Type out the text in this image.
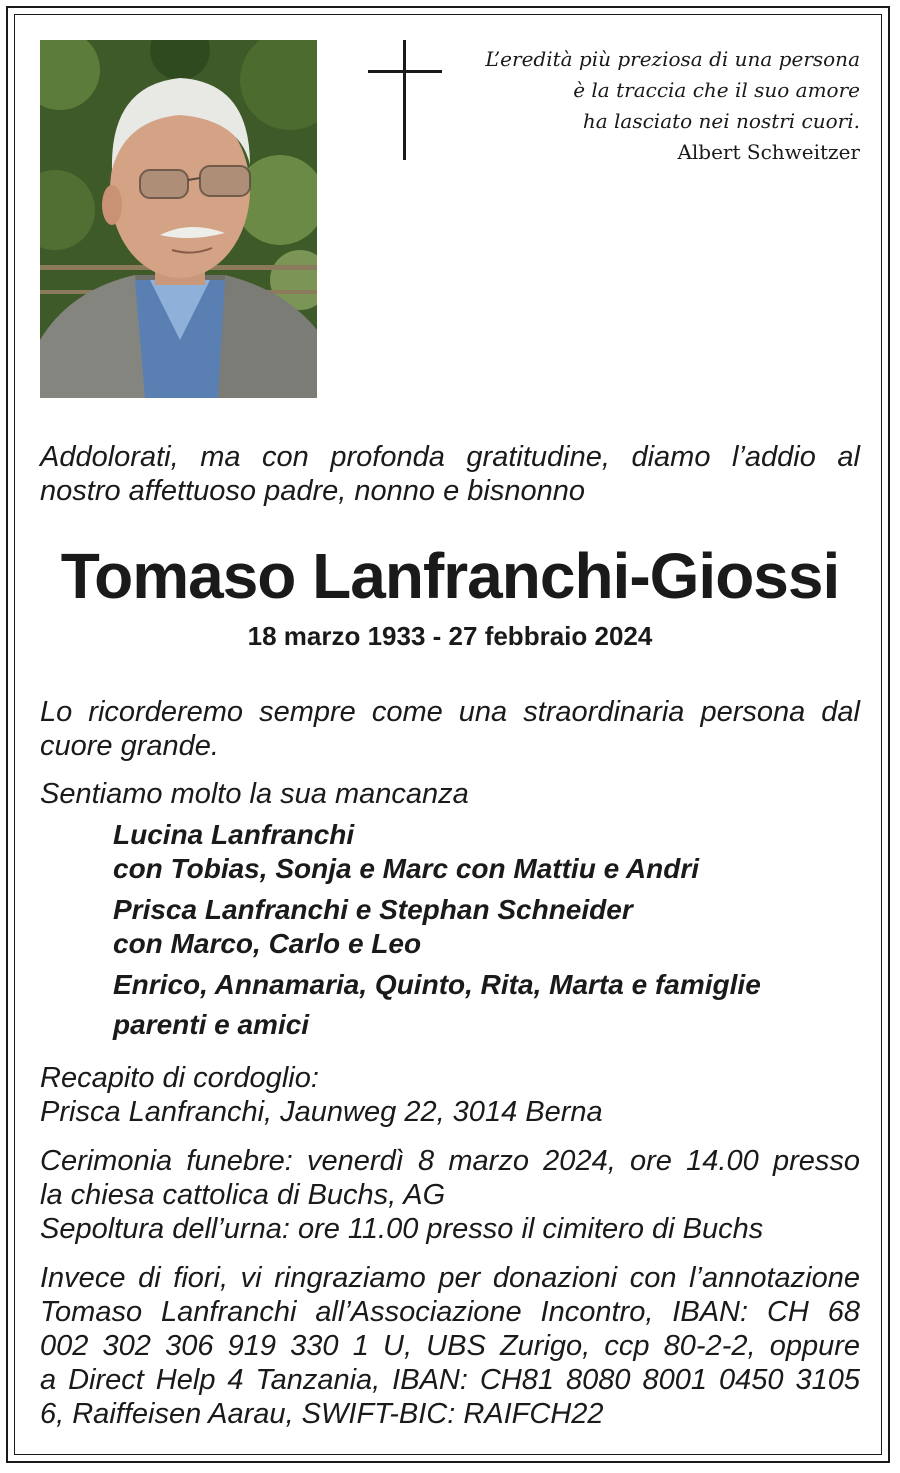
L’eredità più preziosa di una persona
è la traccia che il suo amore
ha lasciato nei nostri cuori.
Albert Schweitzer
Addolorati, ma con profonda gratitudine, diamo l’addio al
nostro affettuoso padre, nonno e bisnonno
Tomaso Lanfranchi-Giossi
18 marzo 1933 - 27 febbraio 2024
Lo ricorderemo sempre come una straordinaria persona dal
cuore grande.
Sentiamo molto la sua mancanza
Lucina Lanfranchi
con Tobias, Sonja e Marc con Mattiu e Andri
Prisca Lanfranchi e Stephan Schneider
con Marco, Carlo e Leo
Enrico, Annamaria, Quinto, Rita, Marta e famiglie
parenti e amici
Recapito di cordoglio:
Prisca Lanfranchi, Jaunweg 22, 3014 Berna
Cerimonia funebre: venerdì 8 marzo 2024, ore 14.00 presso
la chiesa cattolica di Buchs, AG
Sepoltura dell’urna: ore 11.00 presso il cimitero di Buchs
Invece di fiori, vi ringraziamo per donazioni con l’annotazione
Tomaso Lanfranchi all’Associazione Incontro, IBAN: CH 68
002 302 306 919 330 1 U, UBS Zurigo, ccp 80-2-2, oppure
a Direct Help 4 Tanzania, IBAN: CH81 8080 8001 0450 3105
6, Raiffeisen Aarau, SWIFT-BIC: RAIFCH22
